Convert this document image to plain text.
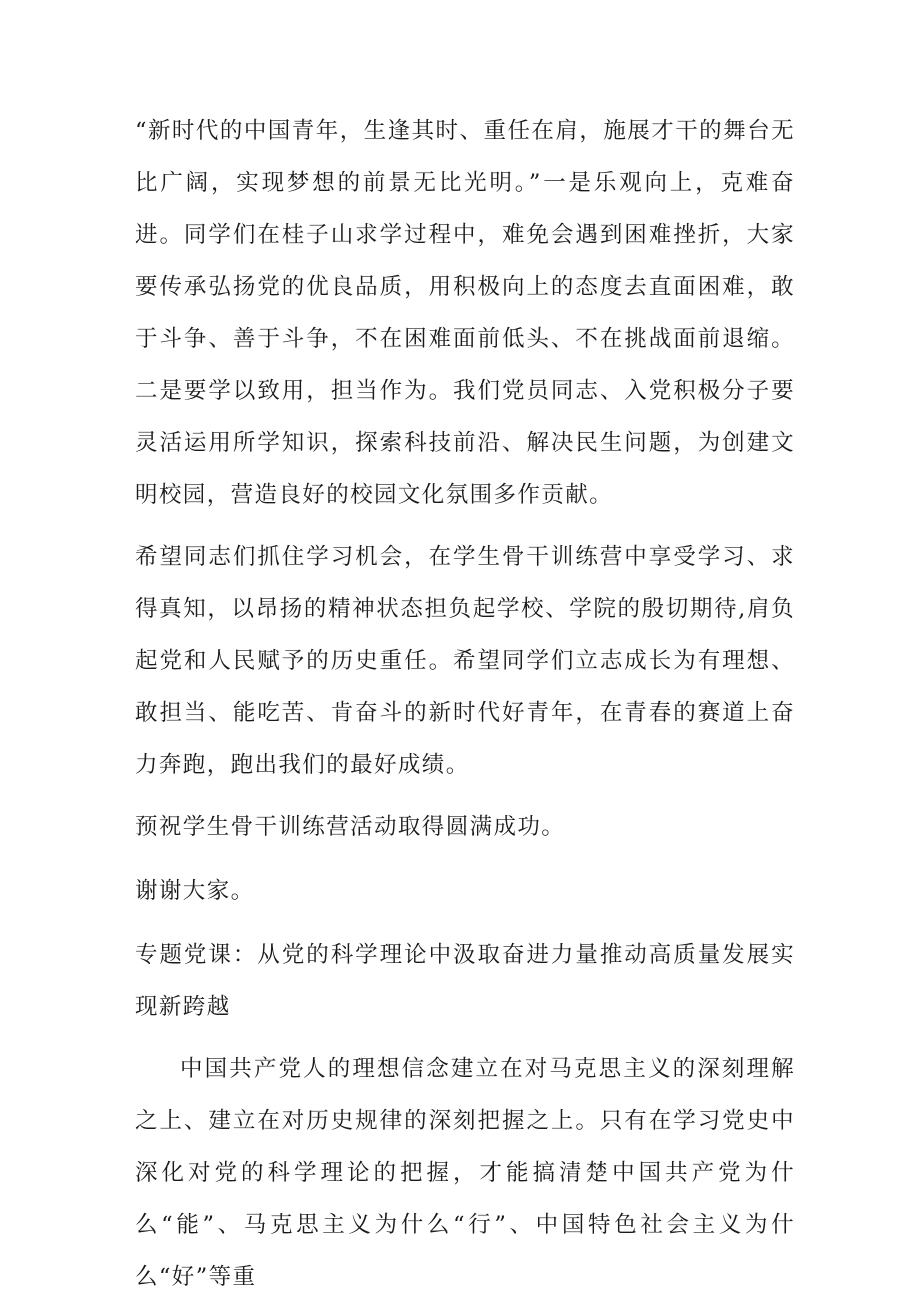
“新时代的中国青年，生逢其时、重任在肩，施展才干的舞台无比广阔，实现梦想的前景无比光明。”一是乐观向上，克难奋进。同学们在桂子山求学过程中，难免会遇到困难挫折，大家要传承弘扬党的优良品质，用积极向上的态度去直面困难，敢于斗争、善于斗争，不在困难面前低头、不在挑战面前退缩。二是要学以致用，担当作为。我们党员同志、入党积极分子要灵活运用所学知识，探索科技前沿、解决民生问题，为创建文明校园，营造良好的校园文化氛围多作贡献。

希望同志们抓住学习机会，在学生骨干训练营中享受学习、求得真知，以昂扬的精神状态担负起学校、学院的殷切期待,肩负起党和人民赋予的历史重任。希望同学们立志成长为有理想、敢担当、能吃苦、肯奋斗的新时代好青年，在青春的赛道上奋力奔跑，跑出我们的最好成绩。

预祝学生骨干训练营活动取得圆满成功。

谢谢大家。

专题党课：从党的科学理论中汲取奋进力量推动高质量发展实现新跨越

中国共产党人的理想信念建立在对马克思主义的深刻理解之上、建立在对历史规律的深刻把握之上。只有在学习党史中深化对党的科学理论的把握，才能搞清楚中国共产党为什么“能”、马克思主义为什么“行”、中国特色社会主义为什么“好”等重
